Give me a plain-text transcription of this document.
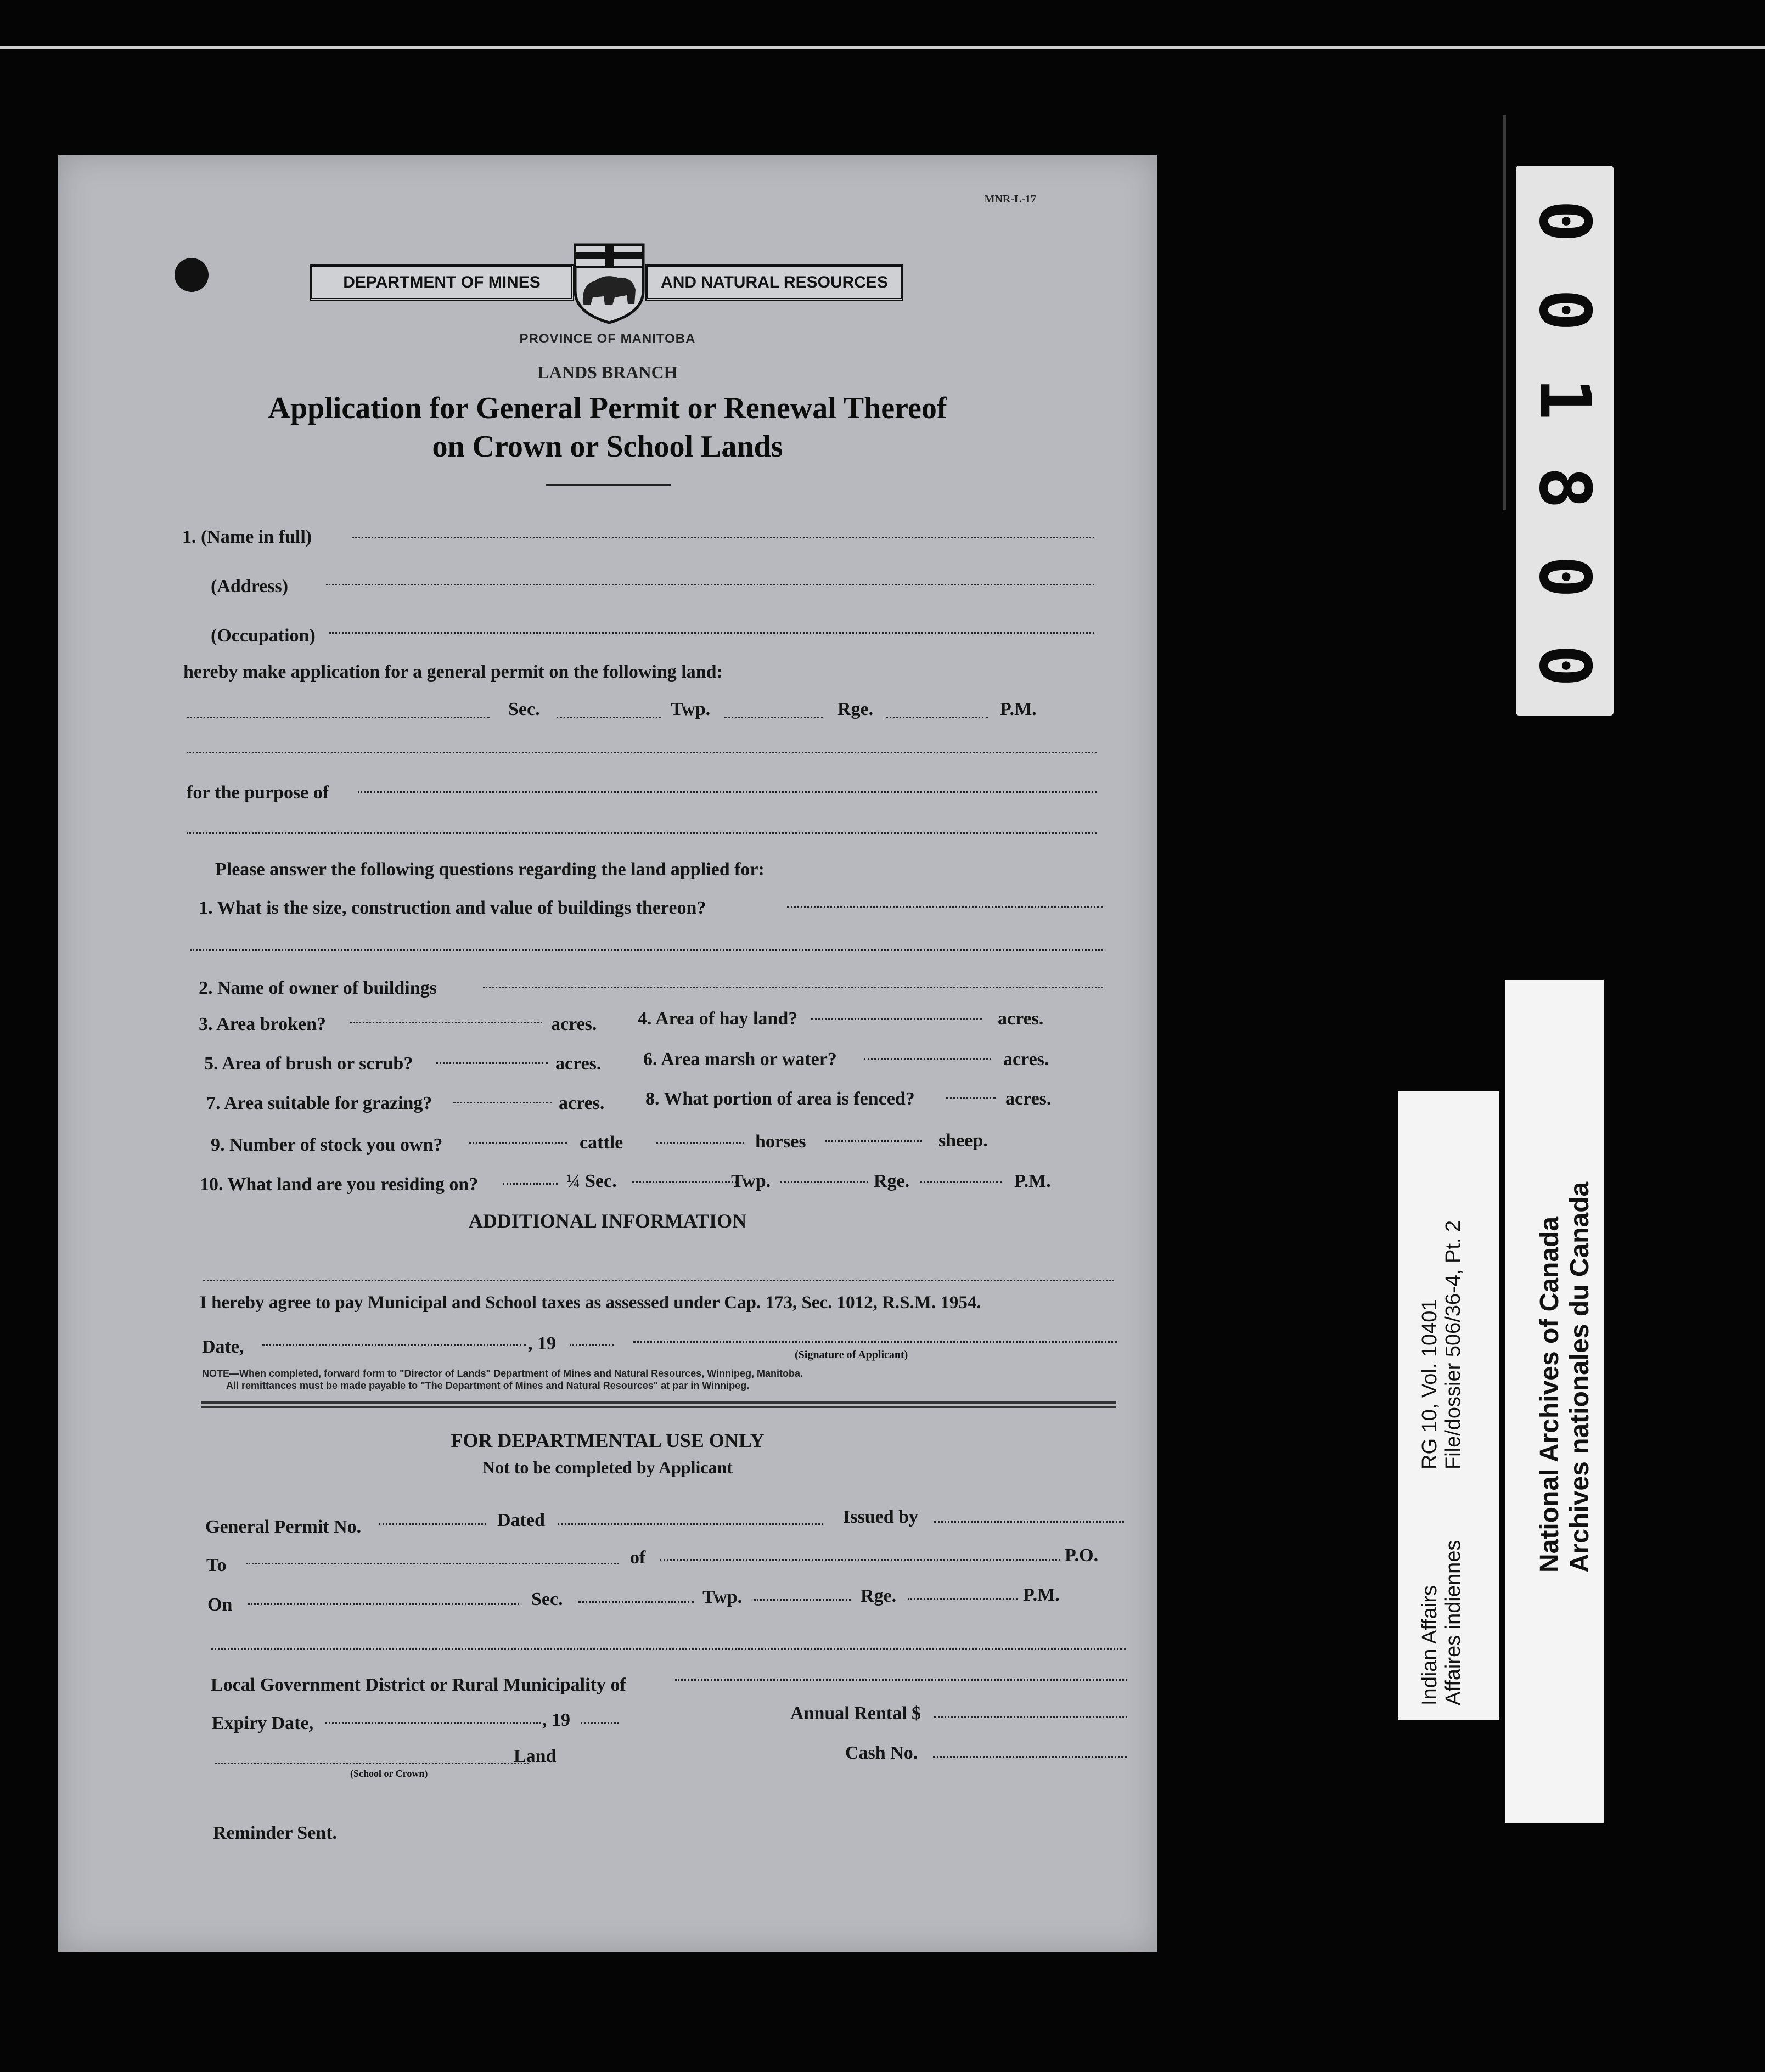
MNR-L-17
DEPARTMENT OF MINES	AND NATURAL RESOURCES
PROVINCE OF MANITOBA
LANDS BRANCH
Application for General Permit or Renewal Thereof
on Crown or School Lands
1. (Name in full)
(Address)
(Occupation)
hereby make application for a general permit on the following land:
Sec.	Twp.	Rge.	P.M.
for the purpose of
Please answer the following questions regarding the land applied for:
1. What is the size, construction and value of buildings thereon?
2. Name of owner of buildings
3. Area broken?	acres. 4. Area of hay land?	acres.
5. Area of brush or scrub?	acres. 6. Area marsh or water?	acres.
7. Area suitable for grazing?	acres. 8. What portion of area is fenced?	acres.
9. Number of stock you own?	cattle	horses	sheep.
10. What land are you residing on?	¼ Sec.	Twp.	Rge.	P.M.
ADDITIONAL INFORMATION
I hereby agree to pay Municipal and School taxes as assessed under Cap. 173, Sec. 1012, R.S.M. 1954.
Date,	, 19
(Signature of Applicant)
NOTE—When completed, forward form to "Director of Lands" Department of Mines and Natural Resources, Winnipeg, Manitoba.
All remittances must be made payable to "The Department of Mines and Natural Resources" at par in Winnipeg.
FOR DEPARTMENTAL USE ONLY
Not to be completed by Applicant
General Permit No.	Dated	Issued by
To	of	P.O.
On	Sec.	Twp.	Rge.	P.M.
Local Government District or Rural Municipality of
Expiry Date,	, 19	Annual Rental $
(School or Crown)
Land	Cash No.
Reminder Sent.
0
0
1
8
0
0
Indian Affairs Affaires indiennes
RG 10, Vol. 10401 File/dossier 506/36-4, Pt. 2	National Archives of Canada Archives nationales du Canada
